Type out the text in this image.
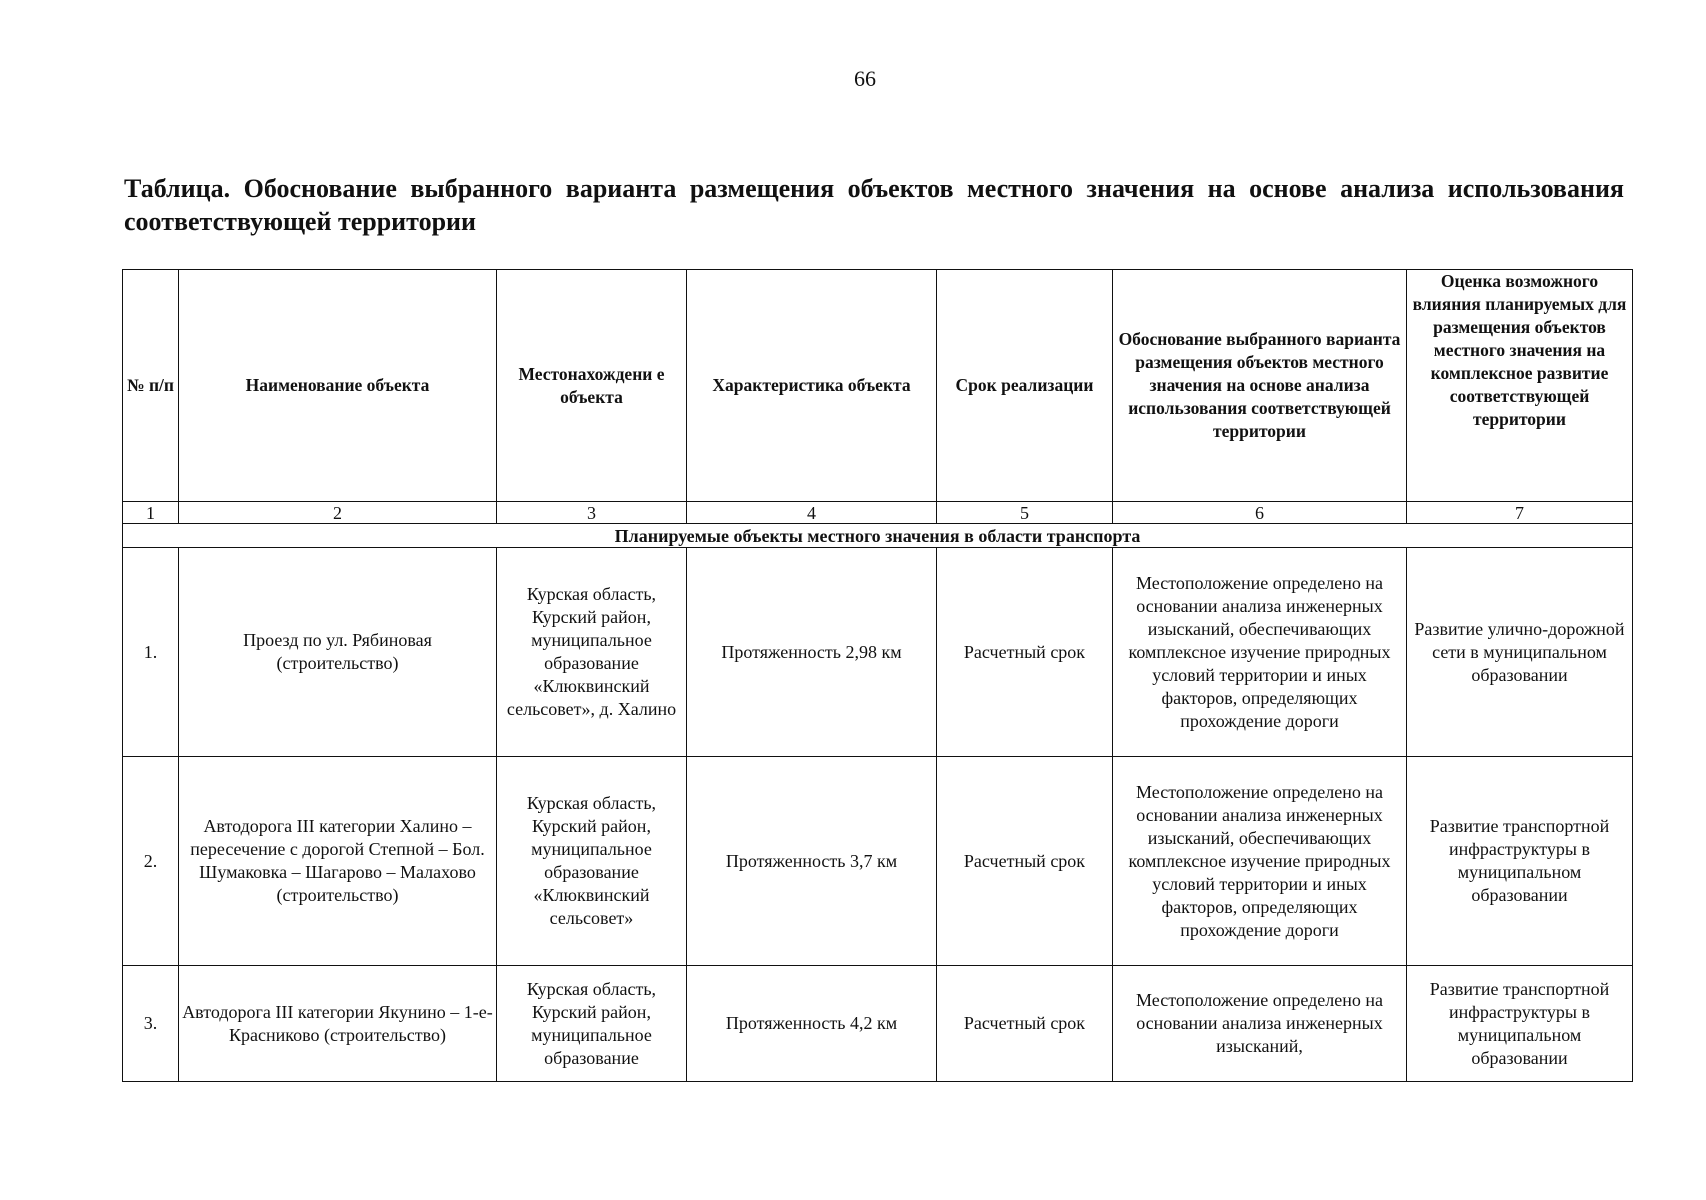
66
Таблица. Обоснование выбранного варианта размещения объектов местного значения на основе анализа использования соответствующей территории
№ п/п	Наименование объекта	Местонахождени е объекта	Характеристика объекта	Срок реализации	Обоснование выбранного варианта размещения объектов местного значения на основе анализа использования соответствующей территории	Оценка возможного влияния планируемых для размещения объектов местного значения на комплексное развитие соответствующей территории
1	2	3	4	5	6	7
Планируемые объекты местного значения в области транспорта						
1.	Проезд по ул. Рябиновая (строительство)	Курская область, Курский район, муниципальное образование «Клюквинский сельсовет», д. Халино	Протяженность 2,98 км	Расчетный срок	Местоположение определено на основании анализа инженерных изысканий, обеспечивающих комплексное изучение природных условий территории и иных факторов, определяющих прохождение дороги	Развитие улично-дорожной сети в муниципальном образовании
2.	Автодорога III категории Халино – пересечение с дорогой Степной – Бол. Шумаковка – Шагарово – Малахово (строительство)	Курская область, Курский район, муниципальное образование «Клюквинский сельсовет»	Протяженность 3,7 км	Расчетный срок	Местоположение определено на основании анализа инженерных изысканий, обеспечивающих комплексное изучение природных условий территории и иных факторов, определяющих прохождение дороги	Развитие транспортной инфраструктуры в муниципальном образовании
3.	Автодорога III категории Якунино – 1-е-Красниково (строительство)	Курская область, Курский район, муниципальное образование	Протяженность 4,2 км	Расчетный срок	Местоположение определено на основании анализа инженерных изысканий,	Развитие транспортной инфраструктуры в муниципальном образовании
